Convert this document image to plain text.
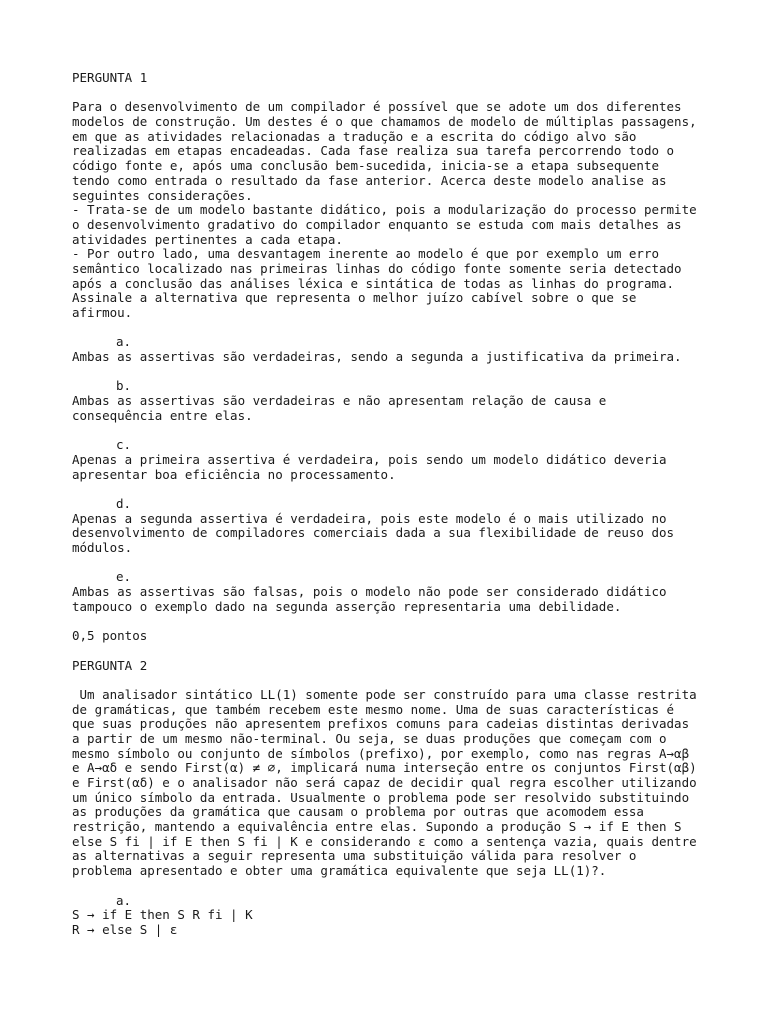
PERGUNTA 1
Para o desenvolvimento de um compilador é possível que se adote um dos diferentes
modelos de construção. Um destes é o que chamamos de modelo de múltiplas passagens,
em que as atividades relacionadas a tradução e a escrita do código alvo são
realizadas em etapas encadeadas. Cada fase realiza sua tarefa percorrendo todo o
código fonte e, após uma conclusão bem-sucedida, inicia-se a etapa subsequente
tendo como entrada o resultado da fase anterior. Acerca deste modelo analise as
seguintes considerações.
- Trata-se de um modelo bastante didático, pois a modularização do processo permite
o desenvolvimento gradativo do compilador enquanto se estuda com mais detalhes as
atividades pertinentes a cada etapa.
- Por outro lado, uma desvantagem inerente ao modelo é que por exemplo um erro
semântico localizado nas primeiras linhas do código fonte somente seria detectado
após a conclusão das análises léxica e sintática de todas as linhas do programa.
Assinale a alternativa que representa o melhor juízo cabível sobre o que se
afirmou.
a.
Ambas as assertivas são verdadeiras, sendo a segunda a justificativa da primeira.
b.
Ambas as assertivas são verdadeiras e não apresentam relação de causa e
consequência entre elas.
c.
Apenas a primeira assertiva é verdadeira, pois sendo um modelo didático deveria
apresentar boa eficiência no processamento.
d.
Apenas a segunda assertiva é verdadeira, pois este modelo é o mais utilizado no
desenvolvimento de compiladores comerciais dada a sua flexibilidade de reuso dos
módulos.
e.
Ambas as assertivas são falsas, pois o modelo não pode ser considerado didático
tampouco o exemplo dado na segunda asserção representaria uma debilidade.
0,5 pontos
PERGUNTA 2
Um analisador sintático LL(1) somente pode ser construído para uma classe restrita
de gramáticas, que também recebem este mesmo nome. Uma de suas características é
que suas produções não apresentem prefixos comuns para cadeias distintas derivadas
a partir de um mesmo não-terminal. Ou seja, se duas produções que começam com o
mesmo símbolo ou conjunto de símbolos (prefixo), por exemplo, como nas regras A→αβ
e A→αδ e sendo First(α) ≠ ∅, implicará numa interseção entre os conjuntos First(αβ)
e First(αδ) e o analisador não será capaz de decidir qual regra escolher utilizando
um único símbolo da entrada. Usualmente o problema pode ser resolvido substituindo
as produções da gramática que causam o problema por outras que acomodem essa
restrição, mantendo a equivalência entre elas. Supondo a produção S → if E then S
else S fi | if E then S fi | K e considerando ε como a sentença vazia, quais dentre
as alternativas a seguir representa uma substituição válida para resolver o
problema apresentado e obter uma gramática equivalente que seja LL(1)?.
a.
S → if E then S R fi | K
R → else S | ε
